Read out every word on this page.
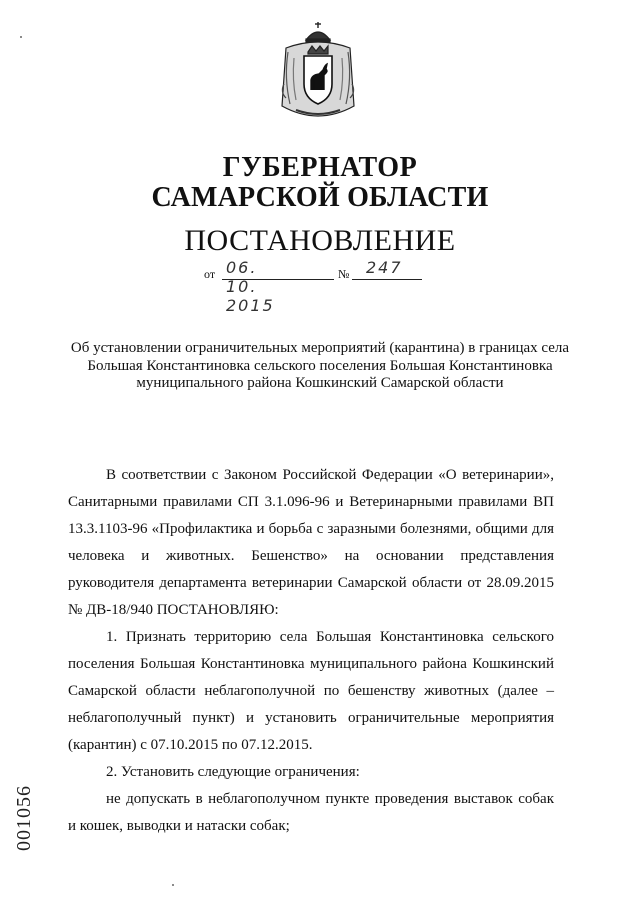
ГУБЕРНАТОР
САМАРСКОЙ ОБЛАСТИ
ПОСТАНОВЛЕНИЕ
от 06. 10. 2015
№ 247
Об установлении ограничительных мероприятий (карантина) в границах села Большая Константиновка сельского поселения Большая Константиновка муниципального района Кошкинский Самарской области

В соответствии с Законом Российской Федерации «О ветеринарии», Санитарными правилами СП 3.1.096-96 и Ветеринарными правилами ВП 13.3.1103-96 «Профилактика и борьба с заразными болезнями, общими для человека и животных. Бешенство» на основании представления руководителя департамента ветеринарии Самарской области от 28.09.2015 № ДВ-18/940 ПОСТАНОВЛЯЮ:

1. Признать территорию села Большая Константиновка сельского поселения Большая Константиновка муниципального района Кошкинский Самарской области неблагополучной по бешенству животных (далее – неблагополучный пункт) и установить ограничительные мероприятия (карантин) с 07.10.2015 по 07.12.2015.

2. Установить следующие ограничения:

не допускать в неблагополучном пункте проведения выставок собак и кошек, выводки и натаски собак;

001056
